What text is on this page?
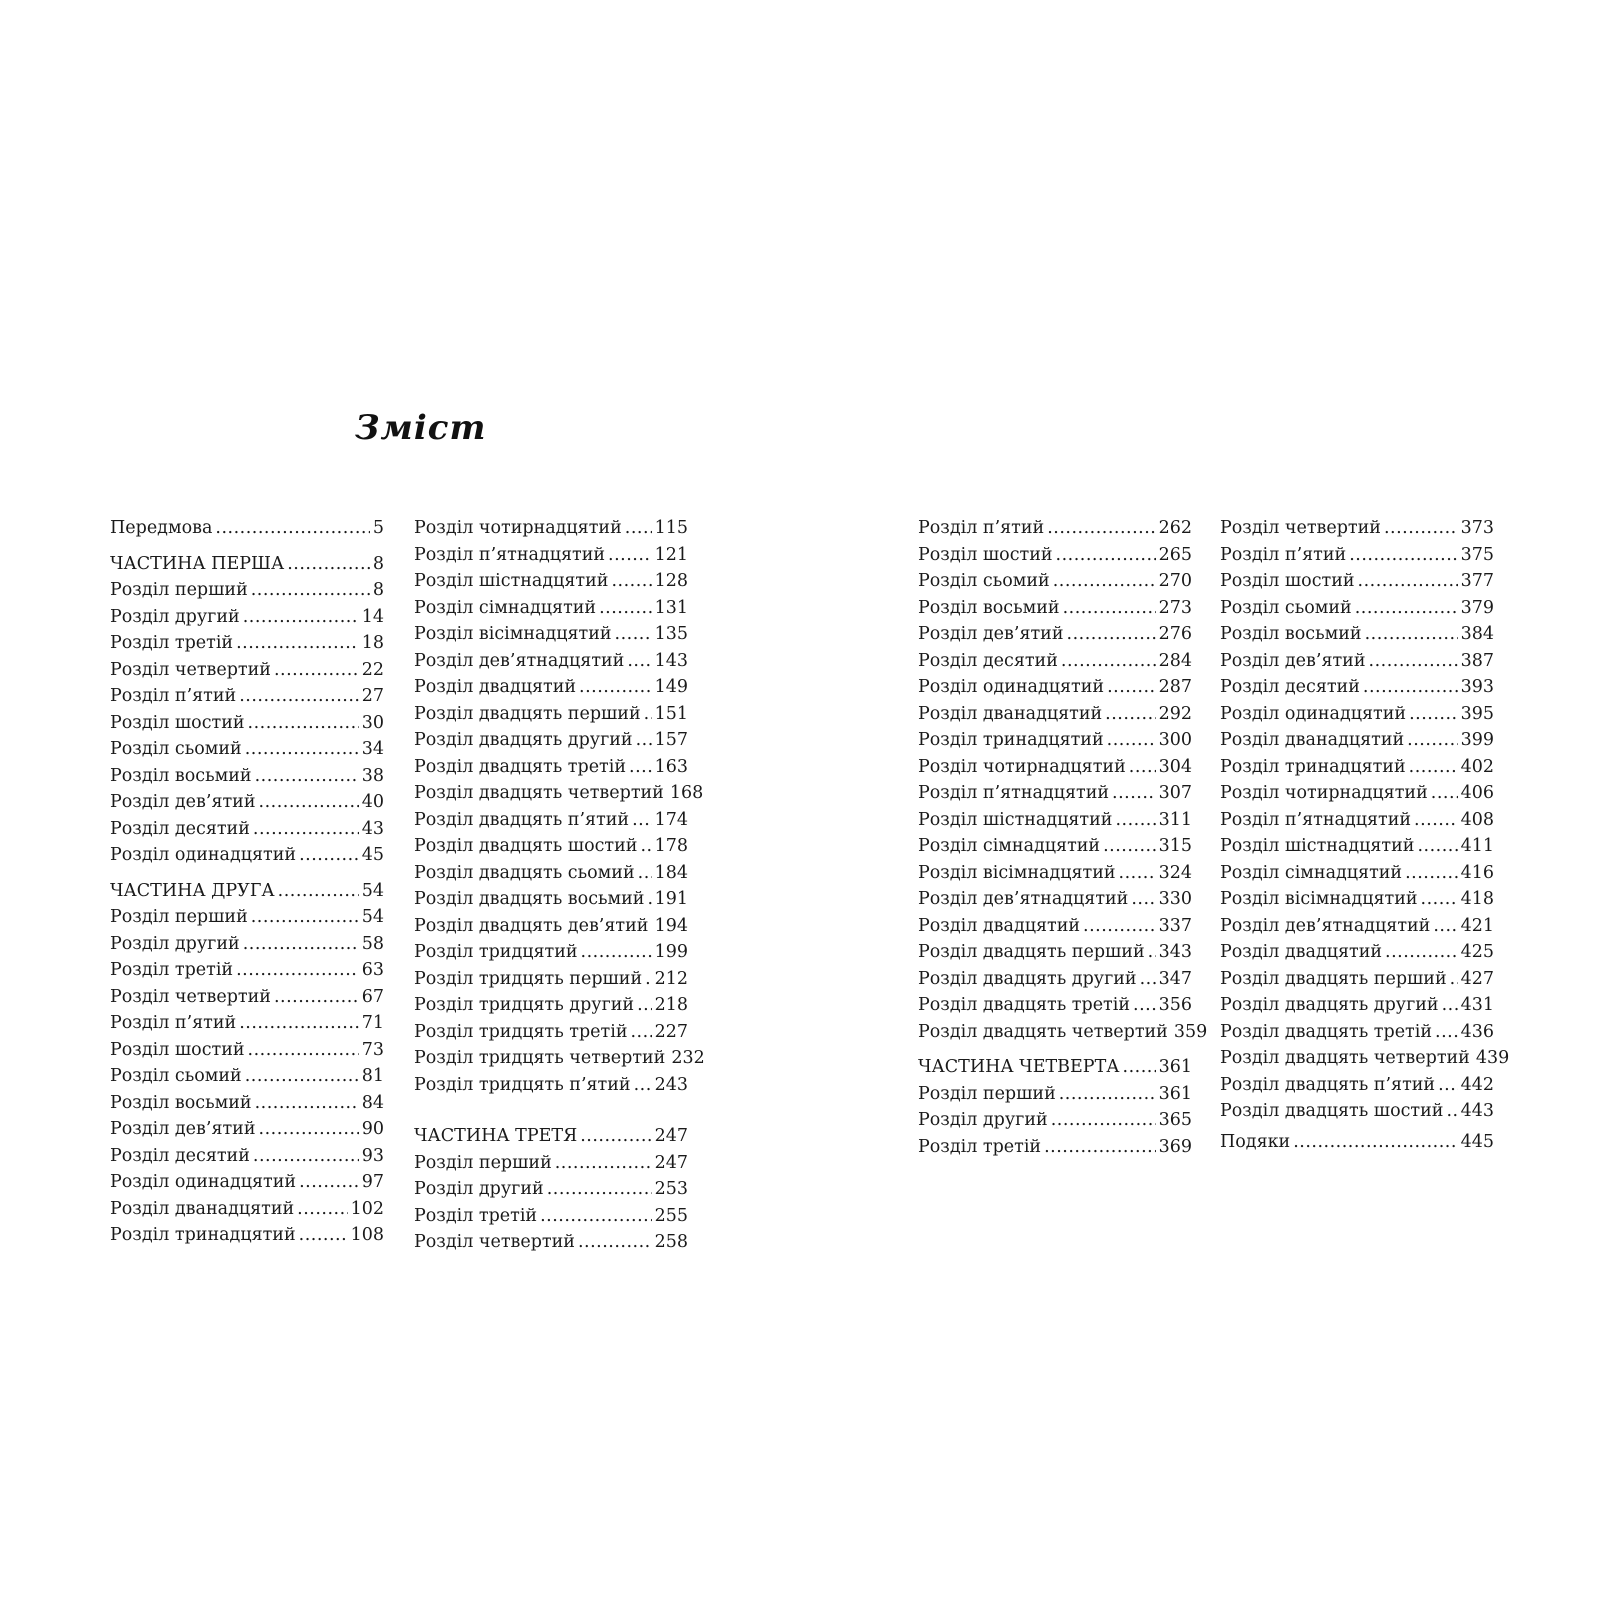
Зміст
Передмова .....	5
ЧАСТИНА ПЕРША .....	8
Розділ перший .....	8
Розділ другий .....	14
Розділ третій .....	18
Розділ четвертий .....	22
Розділ п’ятий .....	27
Розділ шостий .....	30
Розділ сьомий .....	34
Розділ восьмий .....	38
Розділ дев’ятий .....	40
Розділ десятий .....	43
Розділ одинадцятий .....	45
ЧАСТИНА ДРУГА .....	54
Розділ перший .....	54
Розділ другий .....	58
Розділ третій .....	63
Розділ четвертий .....	67
Розділ п’ятий .....	71
Розділ шостий .....	73
Розділ сьомий .....	81
Розділ восьмий .....	84
Розділ дев’ятий .....	90
Розділ десятий .....	93
Розділ одинадцятий .....	97
Розділ дванадцятий .....	102
Розділ тринадцятий .....	108
Розділ чотирнадцятий ..... 115
Розділ п’ятнадцятий .....	121
Розділ шістнадцятий .....	128
Розділ сімнадцятий .....	131
Розділ вісімнадцятий ..... 135
Розділ дев’ятнадцятий ..... 143
Розділ двадцятий .....	149
Розділ двадцять перший ..... 151
Розділ двадцять другий ..... 157
Розділ двадцять третій ..... 163
Розділ двадцять четвертий 168
Розділ двадцять п’ятий ..... 174
Розділ двадцять шостий ..... 178
Розділ двадцять сьомий ..... 184
Розділ двадцять восьмий ..... 191
Розділ двадцять дев’ятий ..... 194
Розділ тридцятий .....	199
Розділ тридцять перший ..... 212
Розділ тридцять другий ..... 218
Розділ тридцять третій ..... 227
Розділ тридцять четвертий 232
Розділ тридцять п’ятий ..... 243
ЧАСТИНА ТРЕТЯ .....	247
Розділ перший .....	247
Розділ другий .....	253
Розділ третій .....	255
Розділ четвертий .....	258
Розділ п’ятий .....	262
Розділ шостий .....	265
Розділ сьомий .....	270
Розділ восьмий .....	273
Розділ дев’ятий .....	276
Розділ десятий .....	284
Розділ одинадцятий .....	287
Розділ дванадцятий .....	292
Розділ тринадцятий .....	300
Розділ чотирнадцятий ..... 304
Розділ п’ятнадцятий .....	307
Розділ шістнадцятий .....	311
Розділ сімнадцятий .....	315
Розділ вісімнадцятий ..... 324
Розділ дев’ятнадцятий ..... 330
Розділ двадцятий .....	337
Розділ двадцять перший ..... 343
Розділ двадцять другий ..... 347
Розділ двадцять третій ..... 356
Розділ двадцять четвертий 359
ЧАСТИНА ЧЕТВЕРТА ..... 361
Розділ перший .....	361
Розділ другий .....	365
Розділ третій .....	369
Розділ четвертий .....	373
Розділ п’ятий .....	375
Розділ шостий .....	377
Розділ сьомий .....	379
Розділ восьмий .....	384
Розділ дев’ятий .....	387
Розділ десятий .....	393
Розділ одинадцятий .....	395
Розділ дванадцятий .....	399
Розділ тринадцятий .....	402
Розділ чотирнадцятий ..... 406
Розділ п’ятнадцятий .....	408
Розділ шістнадцятий .....	411
Розділ сімнадцятий .....	416
Розділ вісімнадцятий ..... 418
Розділ дев’ятнадцятий ..... 421
Розділ двадцятий .....	425
Розділ двадцять перший ..... 427
Розділ двадцять другий ..... 431
Розділ двадцять третій ..... 436
Розділ двадцять четвертий 439
Розділ двадцять п’ятий ..... 442
Розділ двадцять шостий ..... 443
Подяки .....	445
